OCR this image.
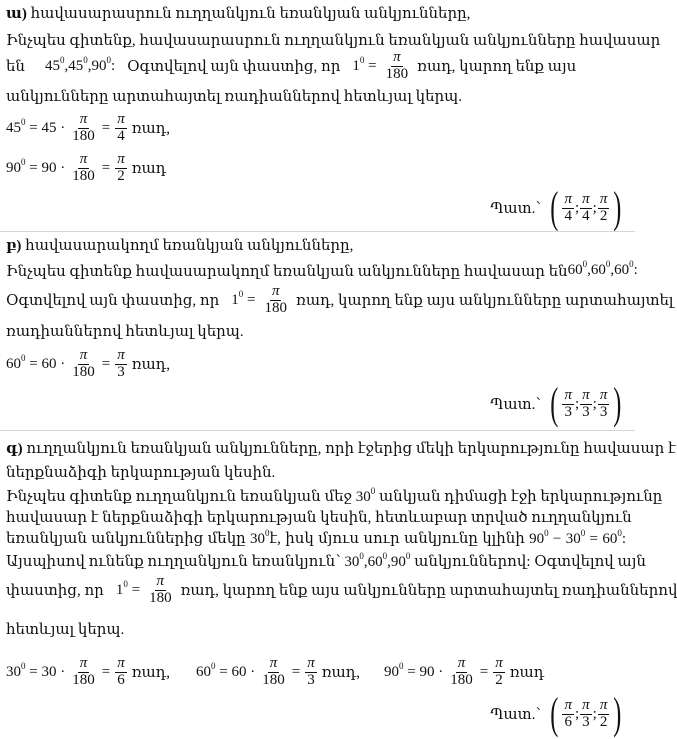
ա) հավասարասրուն ուղղանկյուն եռանկյան անկյունները,
Ինչպես գիտենք, հավասարասրուն ուղղանկյուն եռանկյան անկյունները հավասար
են $45^0,45^0,90^0$: Օգտվելով այն փաստից, որ $1^0 = \frac{\pi}{180}$ ռադ, կարող ենք այս
անկյունները արտահայտել ռադիաններով հետևյալ կերպ.
$45^0 = 45 \cdot \frac{\pi}{180} = \frac{\pi}{4}$ ռադ,
$90^0 = 90 \cdot \frac{\pi}{180} = \frac{\pi}{2}$ ռադ
Պատ.՝ ( $\frac{\pi}{4}$ ; $\frac{\pi}{4}$ ; $\frac{\pi}{2}$ )
բ) հավասարակողմ եռանկյան անկյունները,
Ինչպես գիտենք հավասարակողմ եռանկյան անկյունները հավասար են $60^0,60^0,60^0$:
Օգտվելով այն փաստից, որ $1^0 = \frac{\pi}{180}$ ռադ, կարող ենք այս անկյունները արտահայտել
ռադիաններով հետևյալ կերպ.
$60^0 = 60 \cdot \frac{\pi}{180} = \frac{\pi}{3}$ ռադ,
Պատ.՝ ( $\frac{\pi}{3}$ ; $\frac{\pi}{3}$ ; $\frac{\pi}{3}$ )
գ) ուղղանկյուն եռանկյան անկյունները, որի էջերից մեկի երկարությունը հավասար է
ներքնաձիգի երկարության կեսին.
Ինչպես գիտենք ուղղանկյուն եռանկյան մեջ $30^0$ անկյան դիմացի էջի երկարությունը
հավասար է ներքնաձիգի երկարության կեսին, հետևաբար տրված ուղղանկյուն
եռանկյան անկյուններից մեկը $30^0է$, իսկ մյուս սուր անկյունը կլինի $90^0 - 30^0 = 60^0$:
Այսպիսով ունենք ուղղանկյուն եռանկյուն՝ $30^0,60^0,90^0$ անկյուններով: Օգտվելով այն
փաստից, որ $1^0 = \frac{\pi}{180}$ ռադ, կարող ենք այս անկյունները արտահայտել ռադիաններով
հետևյալ կերպ.
$30^0 = 30 \cdot \frac{\pi}{180} = \frac{\pi}{6}$ ռադ, $60^0 = 60 \cdot \frac{\pi}{180} = \frac{\pi}{3}$ ռադ, $90^0 = 90 \cdot \frac{\pi}{180} = \frac{\pi}{2}$ ռադ
Պատ.՝ ( $\frac{\pi}{6}$ ; $\frac{\pi}{3}$ ; $\frac{\pi}{2}$ )
